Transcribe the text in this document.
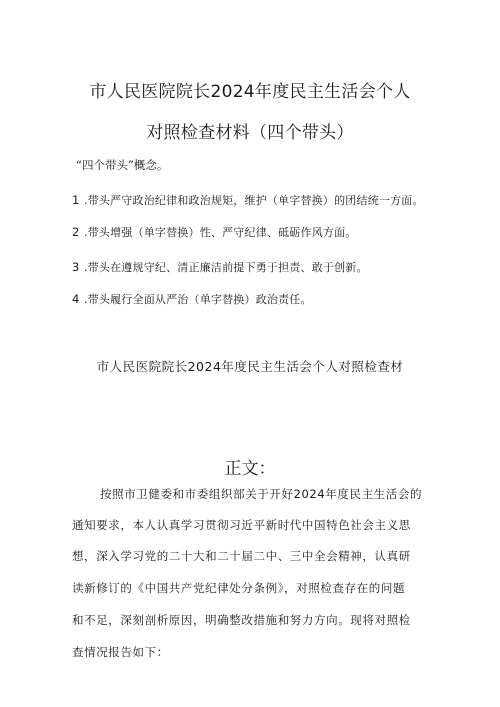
市人民医院院长2024年度民主生活会个人
对照检查材料（四个带头）
“四个带头”概念。
1 .带头严守政治纪律和政治规矩，维护（单字替换）的团结统一方面。
2 .带头增强（单字替换）性、严守纪律、砥砺作风方面。
3 .带头在遵规守纪、清正廉洁前提下勇于担责、敢于创新。
4 .带头履行全面从严治（单字替换）政治责任。
市人民医院院长2024年度民主生活会个人对照检查材
正文：
按照市卫健委和市委组织部关于开好2024年度民主生活会的
通知要求，本人认真学习贯彻习近平新时代中国特色社会主义思
想，深入学习党的二十大和二十届二中、三中全会精神，认真研
读新修订的《中国共产党纪律处分条例》，对照检查存在的问题
和不足，深刻剖析原因，明确整改措施和努力方向。现将对照检
查情况报告如下：
